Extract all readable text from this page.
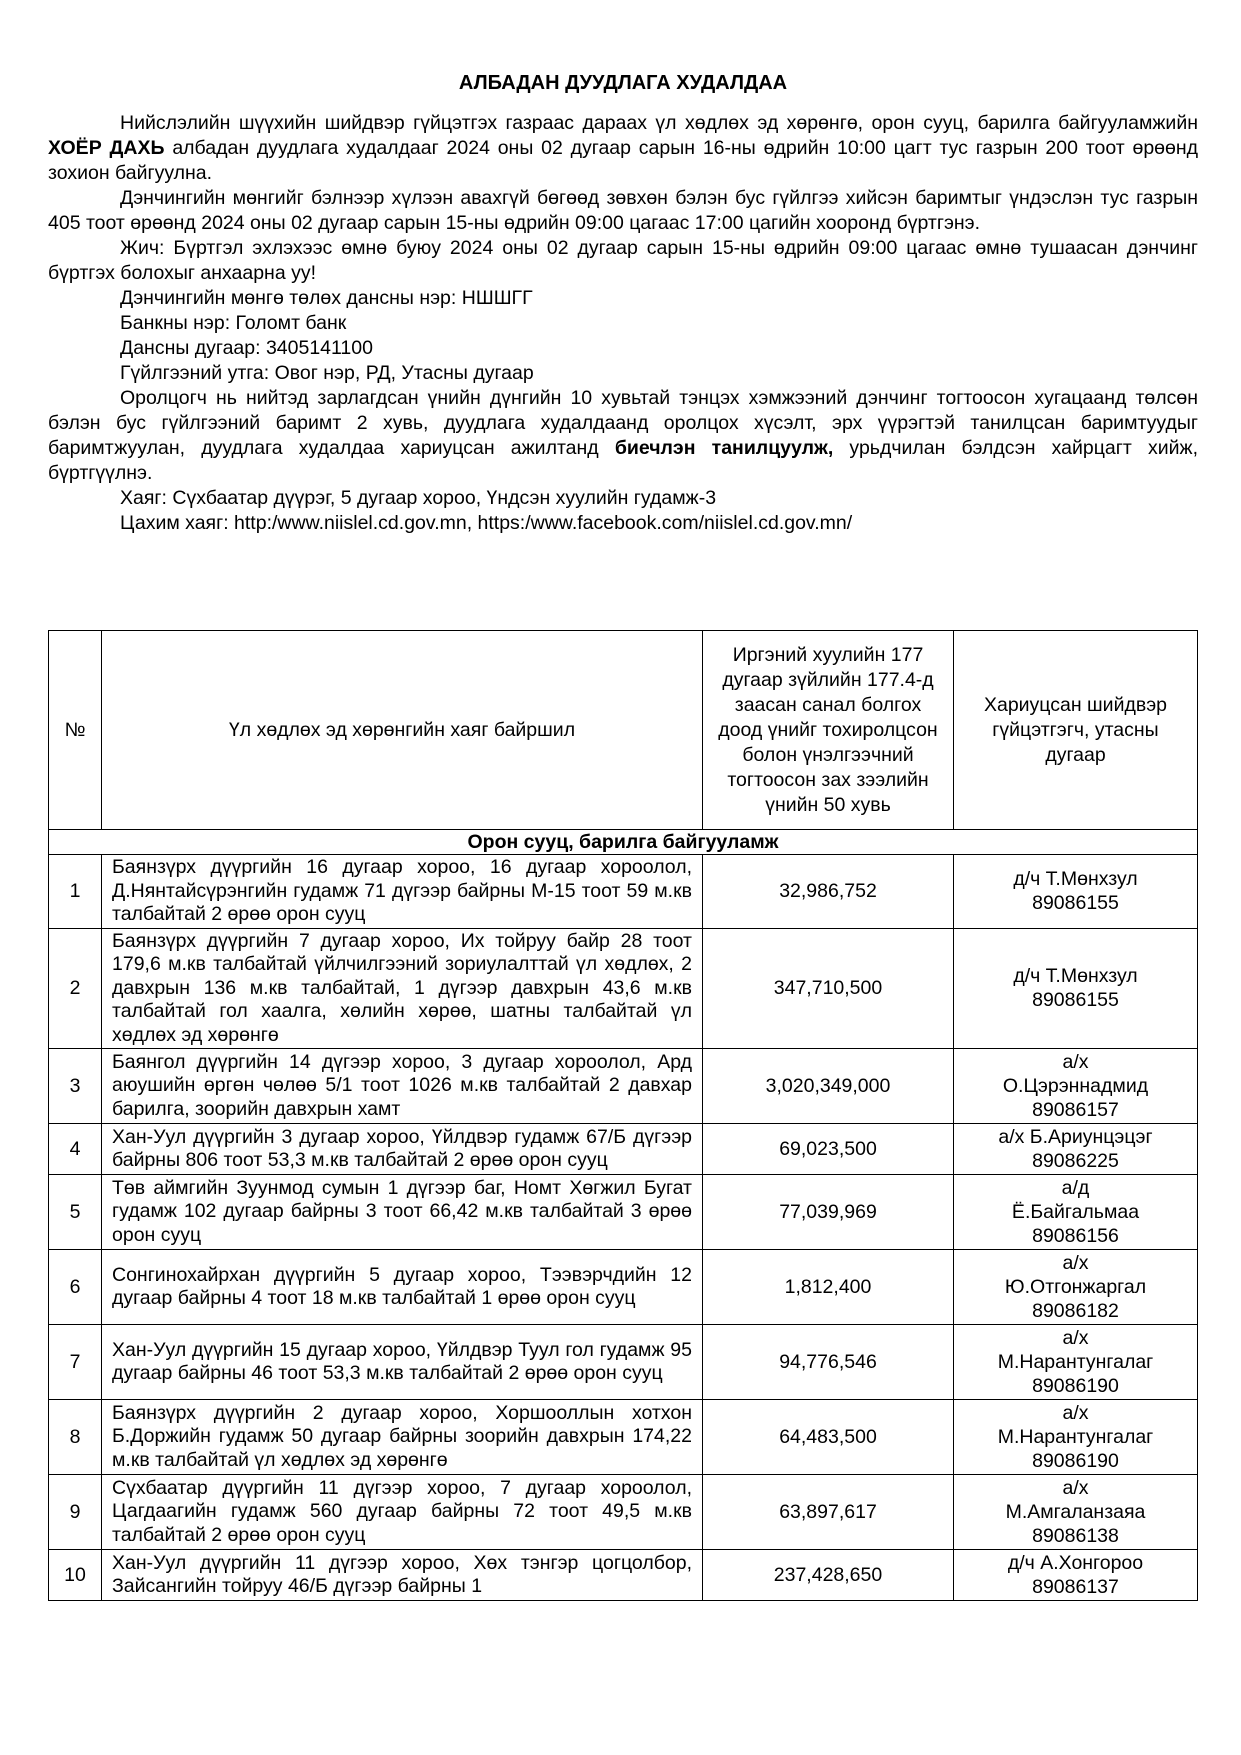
АЛБАДАН ДУУДЛАГА ХУДАЛДАА

Нийслэлийн шүүхийн шийдвэр гүйцэтгэх газраас дараах үл хөдлөх эд хөрөнгө, орон сууц, барилга байгууламжийн ХОЁР ДАХЬ албадан дуудлага худалдааг 2024 оны 02 дугаар сарын 16-ны өдрийн 10:00 цагт тус газрын 200 тоот өрөөнд зохион байгуулна.

Дэнчингийн мөнгийг бэлнээр хүлээн авахгүй бөгөөд зөвхөн бэлэн бус гүйлгээ хийсэн баримтыг үндэслэн тус газрын 405 тоот өрөөнд 2024 оны 02 дугаар сарын 15-ны өдрийн 09:00 цагаас 17:00 цагийн хооронд бүртгэнэ.

Жич: Бүртгэл эхлэхээс өмнө буюу 2024 оны 02 дугаар сарын 15-ны өдрийн 09:00 цагаас өмнө тушаасан дэнчинг бүртгэх болохыг анхаарна уу!

Дэнчингийн мөнгө төлөх дансны нэр: НШШГГ

Банкны нэр: Голомт банк

Дансны дугаар: 3405141100

Гүйлгээний утга: Овог нэр, РД, Утасны дугаар

Оролцогч нь нийтэд зарлагдсан үнийн дүнгийн 10 хувьтай тэнцэх хэмжээний дэнчинг тогтоосон хугацаанд төлсөн бэлэн бус гүйлгээний баримт 2 хувь, дуудлага худалдаанд оролцох хүсэлт, эрх үүрэгтэй танилцсан баримтуудыг баримтжуулан, дуудлага худалдаа хариуцсан ажилтанд биечлэн танилцуулж, урьдчилан бэлдсэн хайрцагт хийж, бүртгүүлнэ.

Хаяг: Сүхбаатар дүүрэг, 5 дугаар хороо, Үндсэн хуулийн гудамж-3

Цахим хаяг: http:/www.niislel.cd.gov.mn, https:/www.facebook.com/niislel.cd.gov.mn/

№	Үл хөдлөх эд хөрөнгийн хаяг байршил	Иргэний хуулийн 177 дугаар зүйлийн 177.4-д заасан санал болгох доод үнийг тохиролцсон болон үнэлгээчний тогтоосон зах зээлийн үнийн 50 хувь	Хариуцсан шийдвэр гүйцэтгэгч, утасны дугаар
Орон сууц, барилга байгууламж			
1	Баянзүрх дүүргийн 16 дугаар хороо, 16 дугаар хороолол, Д.Нянтайсүрэнгийн гудамж 71 дүгээр байрны М-15 тоот 59 м.кв талбайтай 2 өрөө орон сууц	32,986,752	д/ч Т.Мөнхзул
89086155

2	Баянзүрх дүүргийн 7 дугаар хороо, Их тойруу байр 28 тоот 179,6 м.кв талбайтай үйлчилгээний зориулалттай үл хөдлөх, 2 давхрын 136 м.кв талбайтай, 1 дүгээр давхрын 43,6 м.кв талбайтай гол хаалга, хөлийн хөрөө, шатны талбайтай үл хөдлөх эд хөрөнгө	347,710,500	д/ч Т.Мөнхзул
89086155

3	Баянгол дүүргийн 14 дүгээр хороо, 3 дугаар хороолол, Ард аюушийн өргөн чөлөө 5/1 тоот 1026 м.кв талбайтай 2 давхар барилга, зоорийн давхрын хамт	3,020,349,000	а/х
О.Цэрэннадмид
89086157

4	Хан-Уул дүүргийн 3 дугаар хороо, Үйлдвэр гудамж 67/Б дүгээр байрны 806 тоот 53,3 м.кв талбайтай 2 өрөө орон сууц	69,023,500	а/х Б.Ариунцэцэг
89086225

5	Төв аймгийн Зуунмод сумын 1 дүгээр баг, Номт Хөгжил Бугат гудамж 102 дугаар байрны 3 тоот 66,42 м.кв талбайтай 3 өрөө орон сууц	77,039,969	а/д
Ё.Байгальмаа
89086156

6	Сонгинохайрхан дүүргийн 5 дугаар хороо, Тээвэрчдийн 12 дугаар байрны 4 тоот 18 м.кв талбайтай 1 өрөө орон сууц	1,812,400	а/х
Ю.Отгонжаргал
89086182

7	Хан-Уул дүүргийн 15 дугаар хороо, Үйлдвэр Туул гол гудамж 95 дугаар байрны 46 тоот 53,3 м.кв талбайтай 2 өрөө орон сууц	94,776,546	а/х
М.Нарантунгалаг
89086190

8	Баянзүрх дүүргийн 2 дугаар хороо, Хоршооллын хотхон Б.Доржийн гудамж 50 дугаар байрны зоорийн давхрын 174,22 м.кв талбайтай үл хөдлөх эд хөрөнгө	64,483,500	а/х
М.Нарантунгалаг
89086190

9	Сүхбаатар дүүргийн 11 дүгээр хороо, 7 дугаар хороолол, Цагдаагийн гудамж 560 дугаар байрны 72 тоот 49,5 м.кв талбайтай 2 өрөө орон сууц	63,897,617	а/х
М.Амгаланзаяа
89086138

10	Хан-Уул дүүргийн 11 дүгээр хороо, Хөх тэнгэр цогцолбор, Зайсангийн тойруу 46/Б дүгээр байрны 1	237,428,650	д/ч А.Хонгороо
89086137
